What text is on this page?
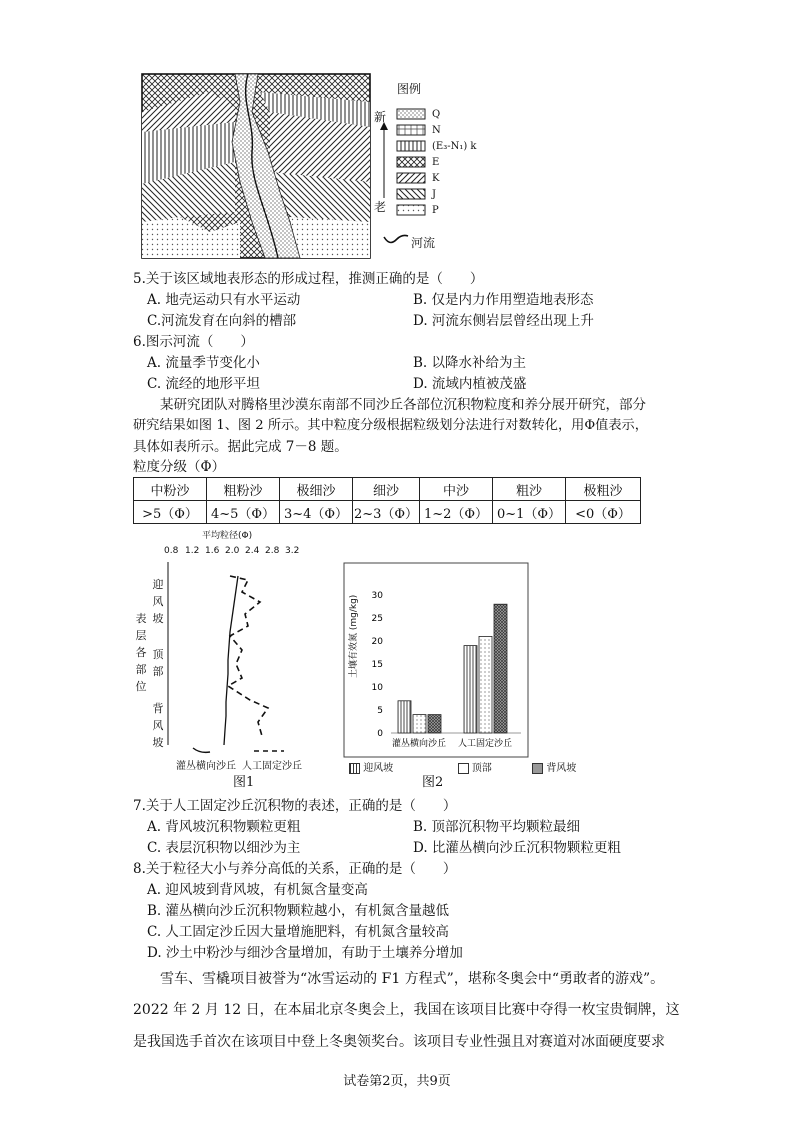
图例
新
老
Q
N
(E₃-N₁) k
E
K
J
P
河流
5.关于该区域地表形态的形成过程，推测正确的是（　　）
A. 地壳运动只有水平运动	B. 仅是内力作用塑造地表形态
C.河流发育在向斜的槽部	D. 河流东侧岩层曾经出现上升
6.图示河流（　　）
A. 流量季节变化小	B. 以降水补给为主
C. 流经的地形平坦	D. 流域内植被茂盛
某研究团队对腾格里沙漠东南部不同沙丘各部位沉积物粒度和养分展开研究，部分
研究结果如图 1、图 2 所示。其中粒度分级根据粒级划分法进行对数转化，用Φ值表示，
具体如表所示。据此完成 7－8 题。
粒度分级（Φ）
中粉沙	粗粉沙	极细沙	细沙	中沙	粗沙	极粗沙
>5（Φ）	4~5（Φ）	3~4（Φ）	2~3（Φ）	1~2（Φ）	0~1（Φ）	<0（Φ）
平均粒径(Φ)
0.8 1.2 1.6 2.0 2.4 2.8 3.2
迎
风
坡
表
层
各
部
位
顶
部
背
风
坡
灌丛横向沙丘 人工固定沙丘
图1
0
5
10
15
20
25
30
灌丛横向沙丘 人工固定沙丘
土壤有效氮 (mg/kg)
迎风坡	顶部	背风坡
图2
7.关于人工固定沙丘沉积物的表述，正确的是（　　）
A. 背风坡沉积物颗粒更粗	B. 顶部沉积物平均颗粒最细
C. 表层沉积物以细沙为主	D. 比灌丛横向沙丘沉积物颗粒更粗
8.关于粒径大小与养分高低的关系，正确的是（　　）
A. 迎风坡到背风坡，有机氮含量变高
B. 灌丛横向沙丘沉积物颗粒越小，有机氮含量越低
C. 人工固定沙丘因大量增施肥料，有机氮含量较高
D. 沙土中粉沙与细沙含量增加，有助于土壤养分增加
雪车、雪橇项目被誉为“冰雪运动的 F1 方程式”，堪称冬奥会中“勇敢者的游戏”。
2022 年 2 月 12 日，在本届北京冬奥会上，我国在该项目比赛中夺得一枚宝贵铜牌，这
是我国选手首次在该项目中登上冬奥领奖台。该项目专业性强且对赛道对冰面硬度要求
试卷第2页，共9页
